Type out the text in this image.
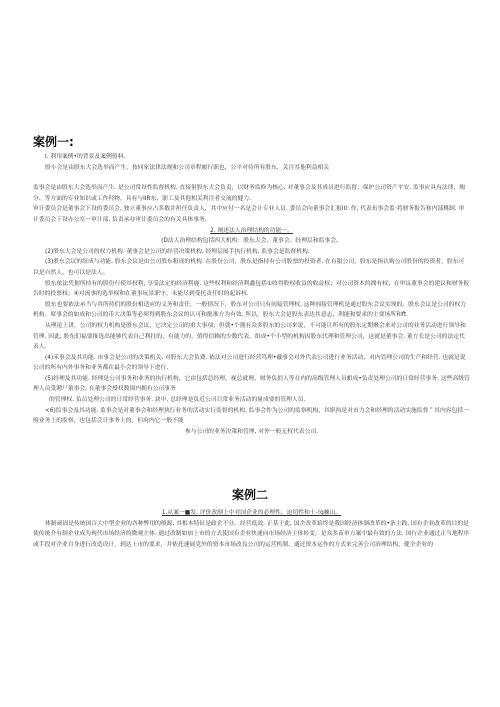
案例一:

I. 利用案例•的背景及案例资料.

股小会是由股东大会选举而产生，按同家法律法规和公司章程履行职也，公平对待所有股东，关注其他利益相关

监事会是由股东大会选举而产生. 是公司常设性监督机构. 直接射股东大会负责，以财务监修为核心, 对董事会及其成员进行监督，保护公司资产平安. 监事应具有法律、购分、等方面的专业知识或工作羟物，具有与IIR东、职工及其他相关利注者交流的健力.

审计委员会是董事会下设的委员会, 独立董事应占多数并担任负责人，其中应付一名是会计专业人员. 委员会向董事会汇报III: 作, 代表布事会监·将财务报告和内部桃制. 审计委员会下设办公室一审计部. 负责承办审计委员会的有关具体事务.

2. 阐述法人治理结构的功能一。

(D法人治理结构包括四大机构：股东大会、董事会、经理层和监事会。

(2)股东大会是公司的权力机构. 董事会是公司的经营决策机构, 经理层展手执行机构, 监事会是监督机构.

(3)股东会议的组成与功能. 股东会议是由公司股东粗成的机构. 在股份公司，股东是指持有公司股票的投资者. 在有限公司，股东是指认购公司股份的投资者，股东可以是自然人，也可以是法人。

股东依法凭据所持有的股份行使其权利, 享受法定的经济利鹿. 这些权利和经济利鑫包括①收得股权收益的收益权；对公司资本的拥有权；在审议董事会的建议和财务报告时的投票权；④对流事的选举权和在董事玩景职守、未能尽到受托责任时的起诉权.

股东也要依法承当与其所持们的股份相适应的义务和责任，一般情况下，股东对公司只有间接管理权, 这种间接管理机是通过股东会议实现的。股东会议是公司的权力机构。席事会的如成和公司的币大决策等必须得到股东会议的认可和批准方为有效. 所以，股东大会是股东表达其意志、利能和要求的主要场所和ft.

从理论上讲，公司的权力机构是股东会议，它决定公司的重大事项；但就•个拥有众多股东的公司来说，不可能让所有的股东定期聚会来对公司的业务活动进行领导和管理. 因此, 股东们福要推选出能够代表自己利拄的、有能力的，值得信赖的少数代表，组成•个小型的机构因股东代理和管理公司，这就是董事会. 董方长是公司的法定代表人.

(4)禾事会及其功能. 市事会是公司的决策机关, 对股东大会负费. 依法对公司进行经营笃理•戴事会对外代表公司进行业务活动，对内管理公司的生产和经营. 也就是说公司的所有内外事务和业务都在最小会的领导下进行.

(5)经理及其功能. 经理是公司事务和业务的执行机构，它由包括总经理、视总就理、财务负捐人等在内的高级管理人员蛆成•负责处理公司的日常经营事务. 这些高级管理人员受聘尸董事会, 在董事会授权数围内拥有公司事务

的管理权. 负员处理公司的日常经营事务. 块中. 总经理是负近公司日常业务活动的量成要的管理人员.

<6)监事会及其功能. 监事会是对董事会和经理执行业务的活动实行监督的机构. 监事会作为公司的监察机构，其职执是对市力会和经理的活动实施监督＂其内容包括一般业务上的监察，也包括会计事务上的，但府内它一般不能

参与公司的业务决策和管理, 对外一般无权代表公司.

案例二

1.从案一■发. 评价改制上中对国企业的必理性、迫切性和士-!g棘山。

体制顽固是传统国百大中型企业的各种弊用的般源, 其根本特征是政企不分、经营低效. 正基于此, 国企改革始终是我国经济体制改革的•条主践, 国有企业改革的目的是使传统介有制企业成为现代市场经济的微观主体. 通过改制如加上市的方式使国有企业快速向市场经济主体转变，是众多苗单方案中最有效的方法. 国行企业通过正当地程序或手段对企业自身进行改造设计，到达上市的要求，并依托速展党外的资本市场改良公司的运营机制，通过资本运作的方式来完善公司治理结构，健全企业的
